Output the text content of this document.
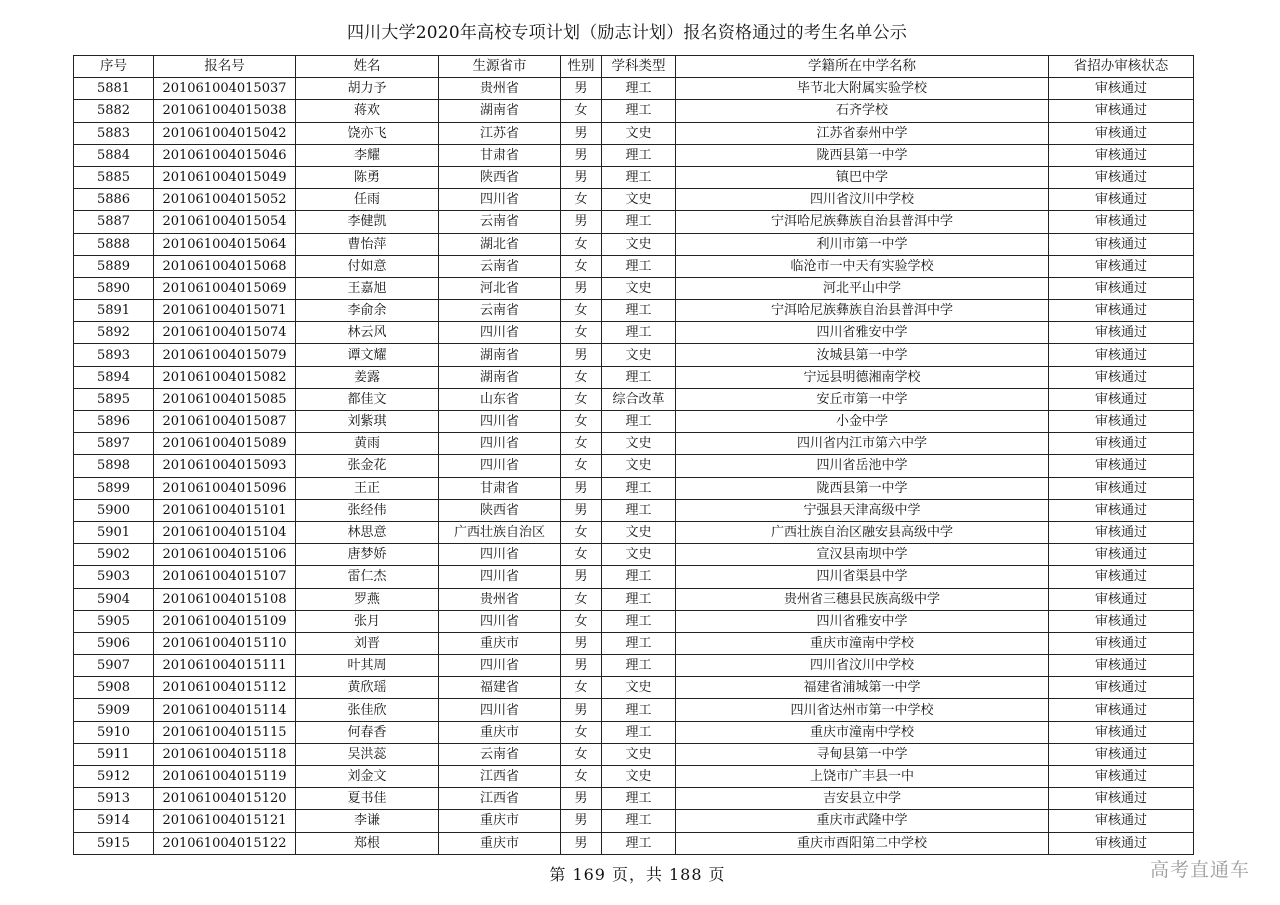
四川大学2020年高校专项计划（励志计划）报名资格通过的考生名单公示
序号	报名号	姓名	生源省市	性别	学科类型	学籍所在中学名称	省招办审核状态
5881	201061004015037	胡力予	贵州省	男	理工	毕节北大附属实验学校	审核通过
5882	201061004015038	蒋欢	湖南省	女	理工	石齐学校	审核通过
5883	201061004015042	饶亦飞	江苏省	男	文史	江苏省泰州中学	审核通过
5884	201061004015046	李耀	甘肃省	男	理工	陇西县第一中学	审核通过
5885	201061004015049	陈勇	陕西省	男	理工	镇巴中学	审核通过
5886	201061004015052	任雨	四川省	女	文史	四川省汶川中学校	审核通过
5887	201061004015054	李健凯	云南省	男	理工	宁洱哈尼族彝族自治县普洱中学	审核通过
5888	201061004015064	曹怡萍	湖北省	女	文史	利川市第一中学	审核通过
5889	201061004015068	付如意	云南省	女	理工	临沧市一中天有实验学校	审核通过
5890	201061004015069	王嘉旭	河北省	男	文史	河北平山中学	审核通过
5891	201061004015071	李俞余	云南省	女	理工	宁洱哈尼族彝族自治县普洱中学	审核通过
5892	201061004015074	林云风	四川省	女	理工	四川省雅安中学	审核通过
5893	201061004015079	谭文耀	湖南省	男	文史	汝城县第一中学	审核通过
5894	201061004015082	姜露	湖南省	女	理工	宁远县明德湘南学校	审核通过
5895	201061004015085	都佳文	山东省	女	综合改革	安丘市第一中学	审核通过
5896	201061004015087	刘紫琪	四川省	女	理工	小金中学	审核通过
5897	201061004015089	黄雨	四川省	女	文史	四川省内江市第六中学	审核通过
5898	201061004015093	张金花	四川省	女	文史	四川省岳池中学	审核通过
5899	201061004015096	王正	甘肃省	男	理工	陇西县第一中学	审核通过
5900	201061004015101	张经伟	陕西省	男	理工	宁强县天津高级中学	审核通过
5901	201061004015104	林思意	广西壮族自治区	女	文史	广西壮族自治区融安县高级中学	审核通过
5902	201061004015106	唐梦娇	四川省	女	文史	宣汉县南坝中学	审核通过
5903	201061004015107	雷仁杰	四川省	男	理工	四川省渠县中学	审核通过
5904	201061004015108	罗燕	贵州省	女	理工	贵州省三穗县民族高级中学	审核通过
5905	201061004015109	张月	四川省	女	理工	四川省雅安中学	审核通过
5906	201061004015110	刘晋	重庆市	男	理工	重庆市潼南中学校	审核通过
5907	201061004015111	叶其周	四川省	男	理工	四川省汶川中学校	审核通过
5908	201061004015112	黄欣瑶	福建省	女	文史	福建省浦城第一中学	审核通过
5909	201061004015114	张佳欣	四川省	男	理工	四川省达州市第一中学校	审核通过
5910	201061004015115	何春香	重庆市	女	理工	重庆市潼南中学校	审核通过
5911	201061004015118	吴洪蕊	云南省	女	文史	寻甸县第一中学	审核通过
5912	201061004015119	刘金文	江西省	女	文史	上饶市广丰县一中	审核通过
5913	201061004015120	夏书佳	江西省	男	理工	吉安县立中学	审核通过
5914	201061004015121	李谦	重庆市	男	理工	重庆市武隆中学	审核通过
5915	201061004015122	郑根	重庆市	男	理工	重庆市酉阳第二中学校	审核通过
第 169 页，共 188 页	高考直通车
